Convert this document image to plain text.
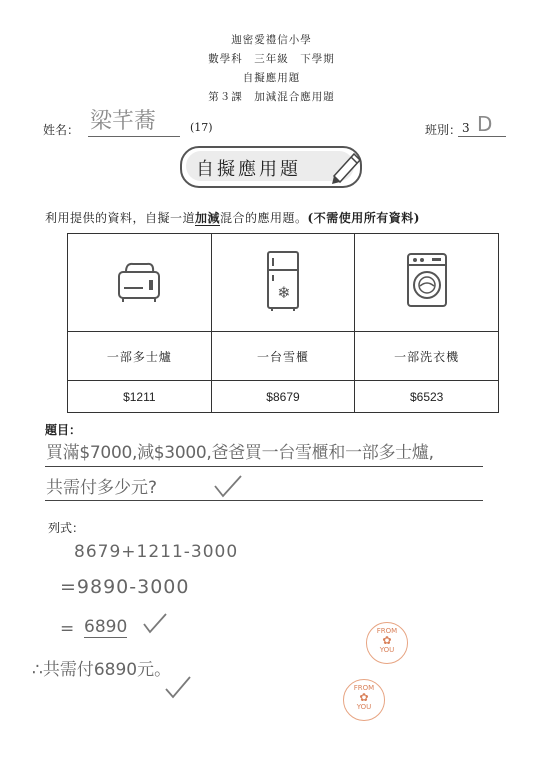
迦密愛禮信小學
數學科　三年級　下學期
自擬應用題
第３課　加減混合應用題
姓名： 梁芊蕎	(17)	班別： 3 D
自擬應用題
利用提供的資料，自擬一道加減混合的應用題。(不需使用所有資料)

❄

一部多士爐	一台雪櫃	一部洗衣機
$1211	$8679	$6523
題目：
買滿$7000,減$3000,爸爸買一台雪櫃和一部多士爐,
共需付多少元?
列式：
8679+1211-3000
=9890-3000
= 6890
∴共需付6890元。
FROM
✿
YOU
FROM
✿
YOU
